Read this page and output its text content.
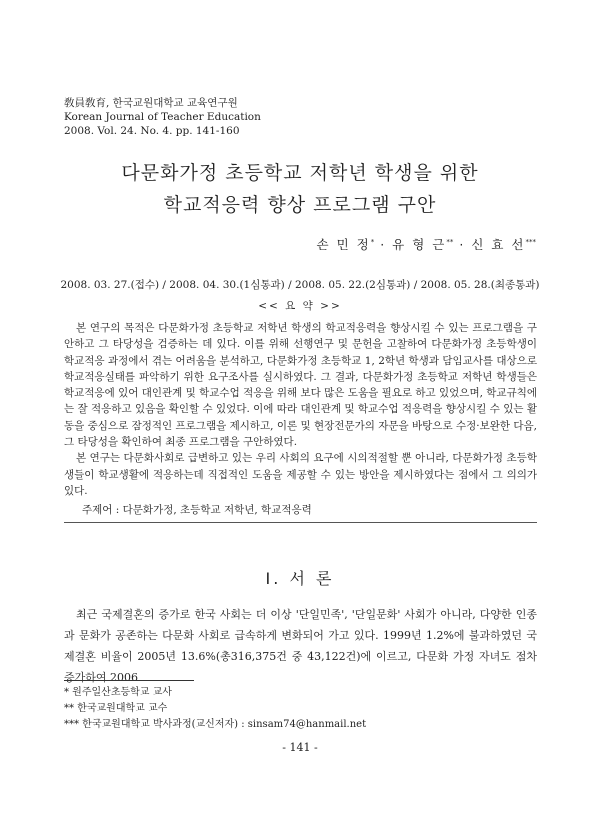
敎員敎育, 한국교원대학교 교육연구원
Korean Journal of Teacher Education
2008. Vol. 24. No. 4. pp. 141-160
다문화가정 초등학교 저학년 학생을 위한
학교적응력 향상 프로그램 구안
손 민 정* · 유 형 근** · 신 효 선***
2008. 03. 27.(접수) / 2008. 04. 30.(1심통과) / 2008. 05. 22.(2심통과) / 2008. 05. 28.(최종통과)
<< 요 약 >>

본 연구의 목적은 다문화가정 초등학교 저학년 학생의 학교적응력을 향상시킬 수 있는 프로그램을 구안하고 그 타당성을 검증하는 데 있다. 이를 위해 선행연구 및 문헌을 고찰하여 다문화가정 초등학생이 학교적응 과정에서 겪는 어려움을 분석하고, 다문화가정 초등학교 1, 2학년 학생과 담임교사를 대상으로 학교적응실태를 파악하기 위한 요구조사를 실시하였다. 그 결과, 다문화가정 초등학교 저학년 학생들은 학교적응에 있어 대인관계 및 학교수업 적응을 위해 보다 많은 도움을 필요로 하고 있었으며, 학교규칙에는 잘 적응하고 있음을 확인할 수 있었다. 이에 따라 대인관계 및 학교수업 적응력을 향상시킬 수 있는 활동을 중심으로 잠정적인 프로그램을 제시하고, 이론 및 현장전문가의 자문을 바탕으로 수정·보완한 다음, 그 타당성을 확인하여 최종 프로그램을 구안하였다.

본 연구는 다문화사회로 급변하고 있는 우리 사회의 요구에 시의적절할 뿐 아니라, 다문화가정 초등학생들이 학교생활에 적응하는데 직접적인 도움을 제공할 수 있는 방안을 제시하였다는 점에서 그 의의가 있다.

주제어 : 다문화가정, 초등학교 저학년, 학교적응력
Ⅰ. 서 론

최근 국제결혼의 증가로 한국 사회는 더 이상 '단일민족', '단일문화' 사회가 아니라, 다양한 인종과 문화가 공존하는 다문화 사회로 급속하게 변화되어 가고 있다. 1999년 1.2%에 불과하였던 국제결혼 비율이 2005년 13.6%(총316,375건 중 43,122건)에 이르고, 다문화 가정 자녀도 점차 증가하여 2006

* 원주일산초등학교 교사
** 한국교원대학교 교수
*** 한국교원대학교 박사과정(교신저자) : sinsam74@hanmail.net
- 141 -
